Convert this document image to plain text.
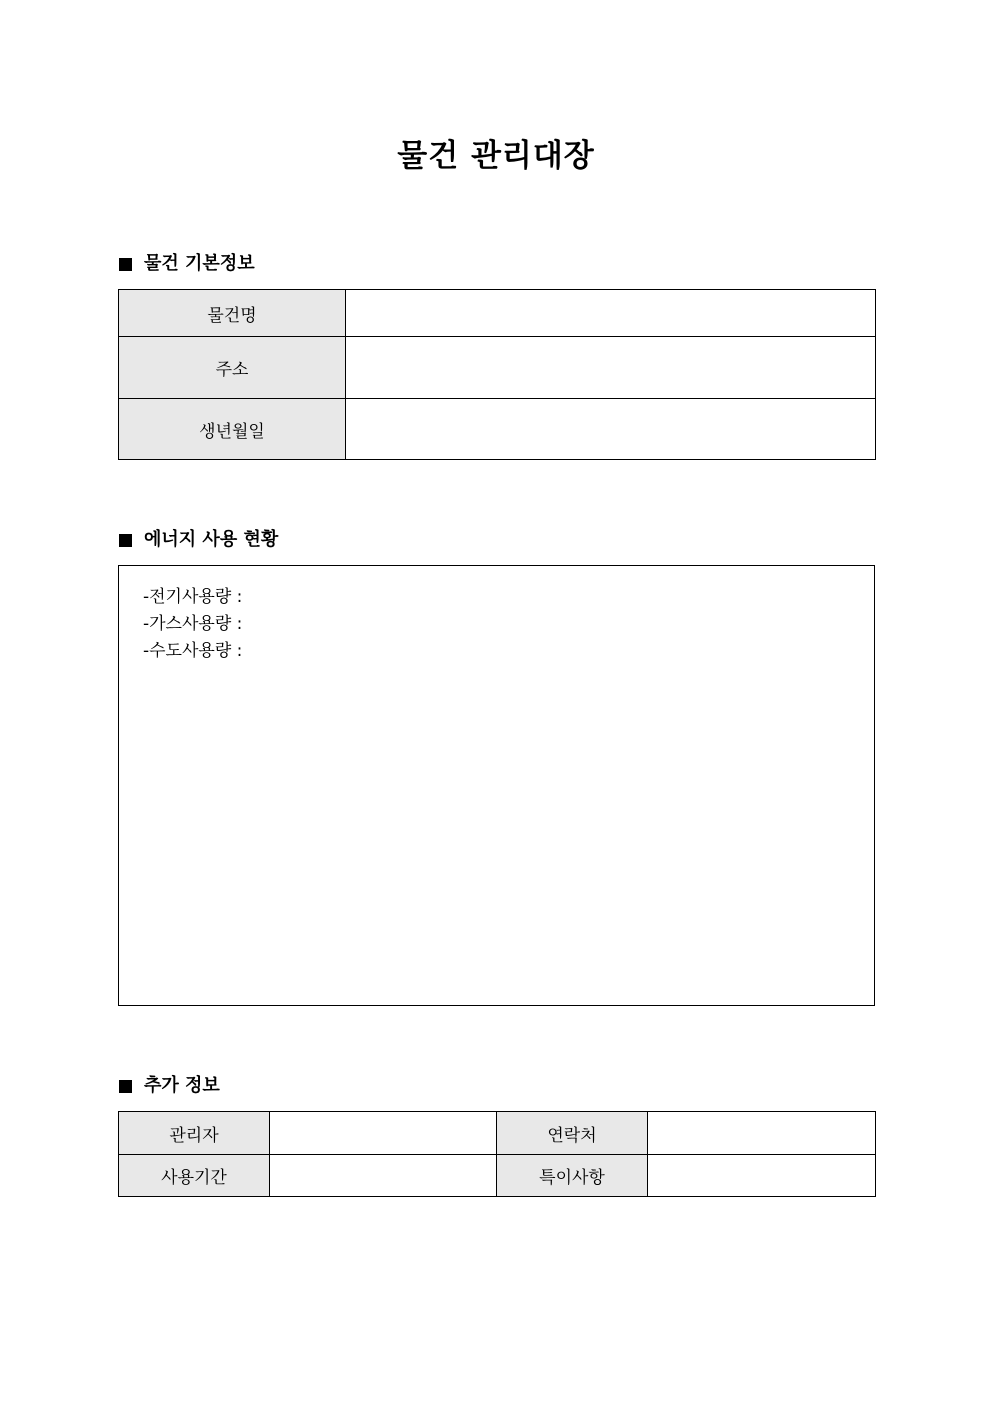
물건 관리대장
물건 기본정보
물건명	
주소	
생년월일	
에너지 사용 현황
-전기사용량 :
-가스사용량 :
-수도사용량 :
추가 정보
관리자		연락처	
사용기간		특이사항	
